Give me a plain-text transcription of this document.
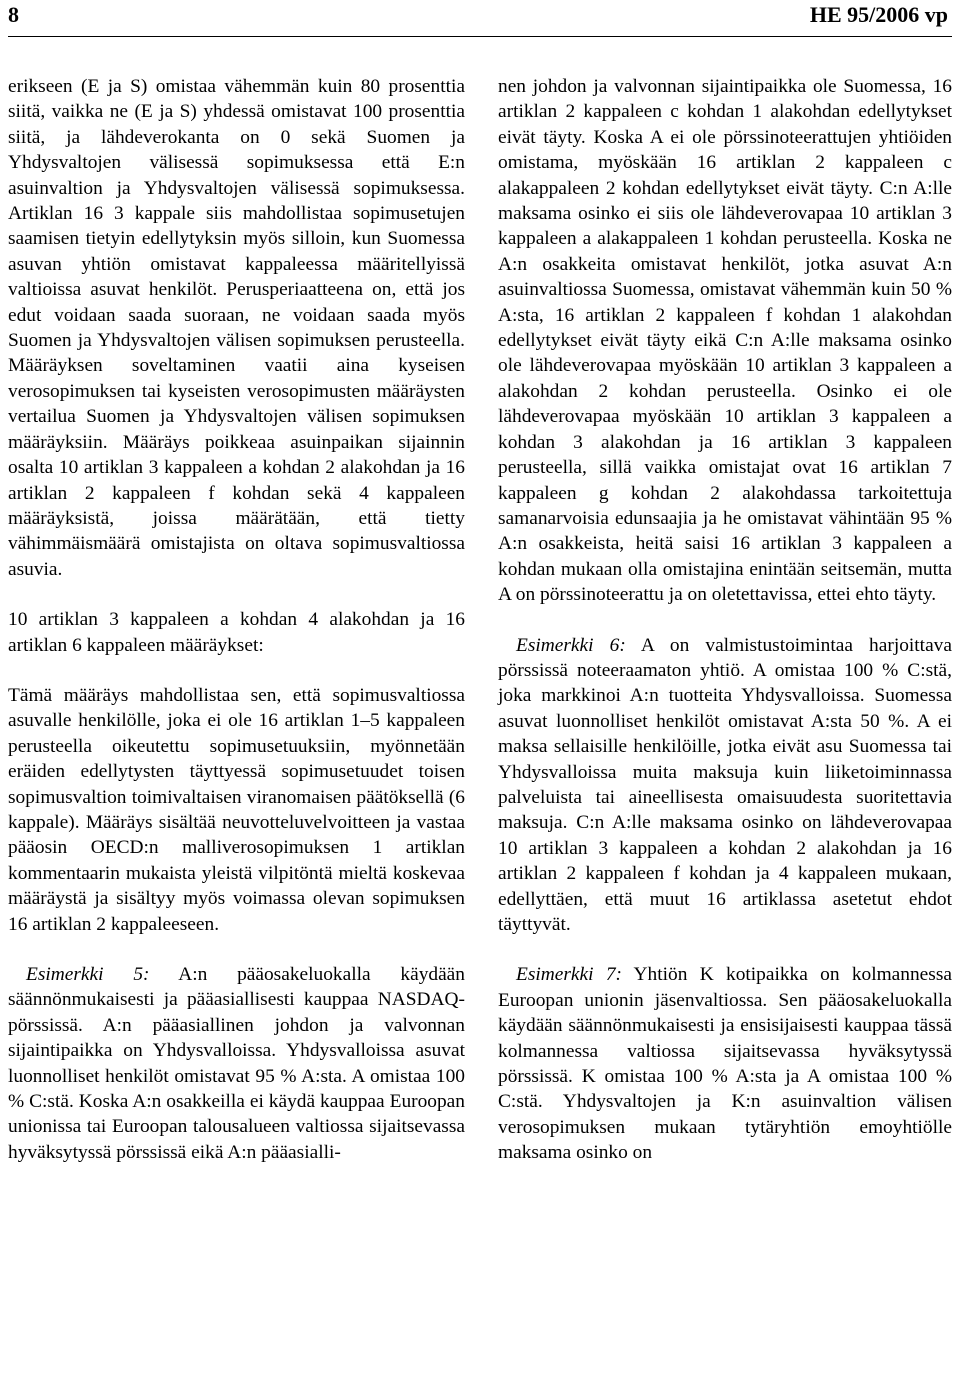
8	HE 95/2006 vp

erikseen (E ja S) omistaa vähemmän kuin 80 prosenttia siitä, vaikka ne (E ja S) yhdessä omistavat 100 prosenttia siitä, ja lähdeverokanta on 0 sekä Suomen ja Yhdysvaltojen välisessä sopimuksessa että E:n asuinvaltion ja Yhdysvaltojen välisessä sopimuksessa. Artiklan 16 3 kappale siis mahdollistaa sopimusetujen saamisen tietyin edellytyksin myös silloin, kun Suomessa asuvan yhtiön omistavat kappaleessa määritellyissä valtioissa asuvat henkilöt. Perusperiaatteena on, että jos edut voidaan saada suoraan, ne voidaan saada myös Suomen ja Yhdysvaltojen välisen sopimuksen perusteella. Määräyksen soveltaminen vaatii aina kyseisen verosopimuksen tai kyseisten verosopimusten määräysten vertailua Suomen ja Yhdysvaltojen välisen sopimuksen määräyksiin. Määräys poikkeaa asuinpaikan sijainnin osalta 10 artiklan 3 kappaleen a kohdan 2 alakohdan ja 16 artiklan 2 kappaleen f kohdan sekä 4 kappaleen määräyksistä, joissa määrätään, että tietty vähimmäismäärä omistajista on oltava sopimusvaltiossa asuvia.

10 artiklan 3 kappaleen a kohdan 4 alakohdan ja 16 artiklan 6 kappaleen määräykset:

Tämä määräys mahdollistaa sen, että sopimusvaltiossa asuvalle henkilölle, joka ei ole 16 artiklan 1–5 kappaleen perusteella oikeutettu sopimusetuuksiin, myönnetään eräiden edellytysten täyttyessä sopimusetuudet toisen sopimusvaltion toimivaltaisen viranomaisen päätöksellä (6 kappale). Määräys sisältää neuvotteluvelvoitteen ja vastaa pääosin OECD:n malliverosopimuksen 1 artiklan kommentaarin mukaista yleistä vilpitöntä mieltä koskevaa määräystä ja sisältyy myös voimassa olevan sopimuksen 16 artiklan 2 kappaleeseen.

Esimerkki 5: A:n pääosakeluokalla käydään säännönmukaisesti ja pääasiallisesti kauppaa NASDAQ-pörssissä. A:n pääasiallinen johdon ja valvonnan sijaintipaikka on Yhdysvalloissa. Yhdysvalloissa asuvat luonnolliset henkilöt omistavat 95 % A:sta. A omistaa 100 % C:stä. Koska A:n osakkeilla ei käydä kauppaa Euroopan unionissa tai Euroopan talousalueen valtiossa sijaitsevassa hyväksytyssä pörssissä eikä A:n pääasialli-

nen johdon ja valvonnan sijaintipaikka ole Suomessa, 16 artiklan 2 kappaleen c kohdan 1 alakohdan edellytykset eivät täyty. Koska A ei ole pörssinoteerattujen yhtiöiden omistama, myöskään 16 artiklan 2 kappaleen c alakappaleen 2 kohdan edellytykset eivät täyty. C:n A:lle maksama osinko ei siis ole lähdeverovapaa 10 artiklan 3 kappaleen a alakappaleen 1 kohdan perusteella. Koska ne A:n osakkeita omistavat henkilöt, jotka asuvat A:n asuinvaltiossa Suomessa, omistavat vähemmän kuin 50 % A:sta, 16 artiklan 2 kappaleen f kohdan 1 alakohdan edellytykset eivät täyty eikä C:n A:lle maksama osinko ole lähdeverovapaa myöskään 10 artiklan 3 kappaleen a alakohdan 2 kohdan perusteella. Osinko ei ole lähdeverovapaa myöskään 10 artiklan 3 kappaleen a kohdan 3 alakohdan ja 16 artiklan 3 kappaleen perusteella, sillä vaikka omistajat ovat 16 artiklan 7 kappaleen g kohdan 2 alakohdassa tarkoitettuja samanarvoisia edunsaajia ja he omistavat vähintään 95 % A:n osakkeista, heitä saisi 16 artiklan 3 kappaleen a kohdan mukaan olla omistajina enintään seitsemän, mutta A on pörssinoteerattu ja on oletettavissa, ettei ehto täyty.

Esimerkki 6: A on valmistustoimintaa harjoittava pörssissä noteeraamaton yhtiö. A omistaa 100 % C:stä, joka markkinoi A:n tuotteita Yhdysvalloissa. Suomessa asuvat luonnolliset henkilöt omistavat A:sta 50 %. A ei maksa sellaisille henkilöille, jotka eivät asu Suomessa tai Yhdysvalloissa muita maksuja kuin liiketoiminnassa palveluista tai aineellisesta omaisuudesta suoritettavia maksuja. C:n A:lle maksama osinko on lähdeverovapaa 10 artiklan 3 kappaleen a kohdan 2 alakohdan ja 16 artiklan 2 kappaleen f kohdan ja 4 kappaleen mukaan, edellyttäen, että muut 16 artiklassa asetetut ehdot täyttyvät.

Esimerkki 7: Yhtiön K kotipaikka on kolmannessa Euroopan unionin jäsenvaltiossa. Sen pääosakeluokalla käydään säännönmukaisesti ja ensisijaisesti kauppaa tässä kolmannessa valtiossa sijaitsevassa hyväksytyssä pörssissä. K omistaa 100 % A:sta ja A omistaa 100 % C:stä. Yhdysvaltojen ja K:n asuinvaltion välisen verosopimuksen mukaan tytäryhtiön emoyhtiölle maksama osinko on
